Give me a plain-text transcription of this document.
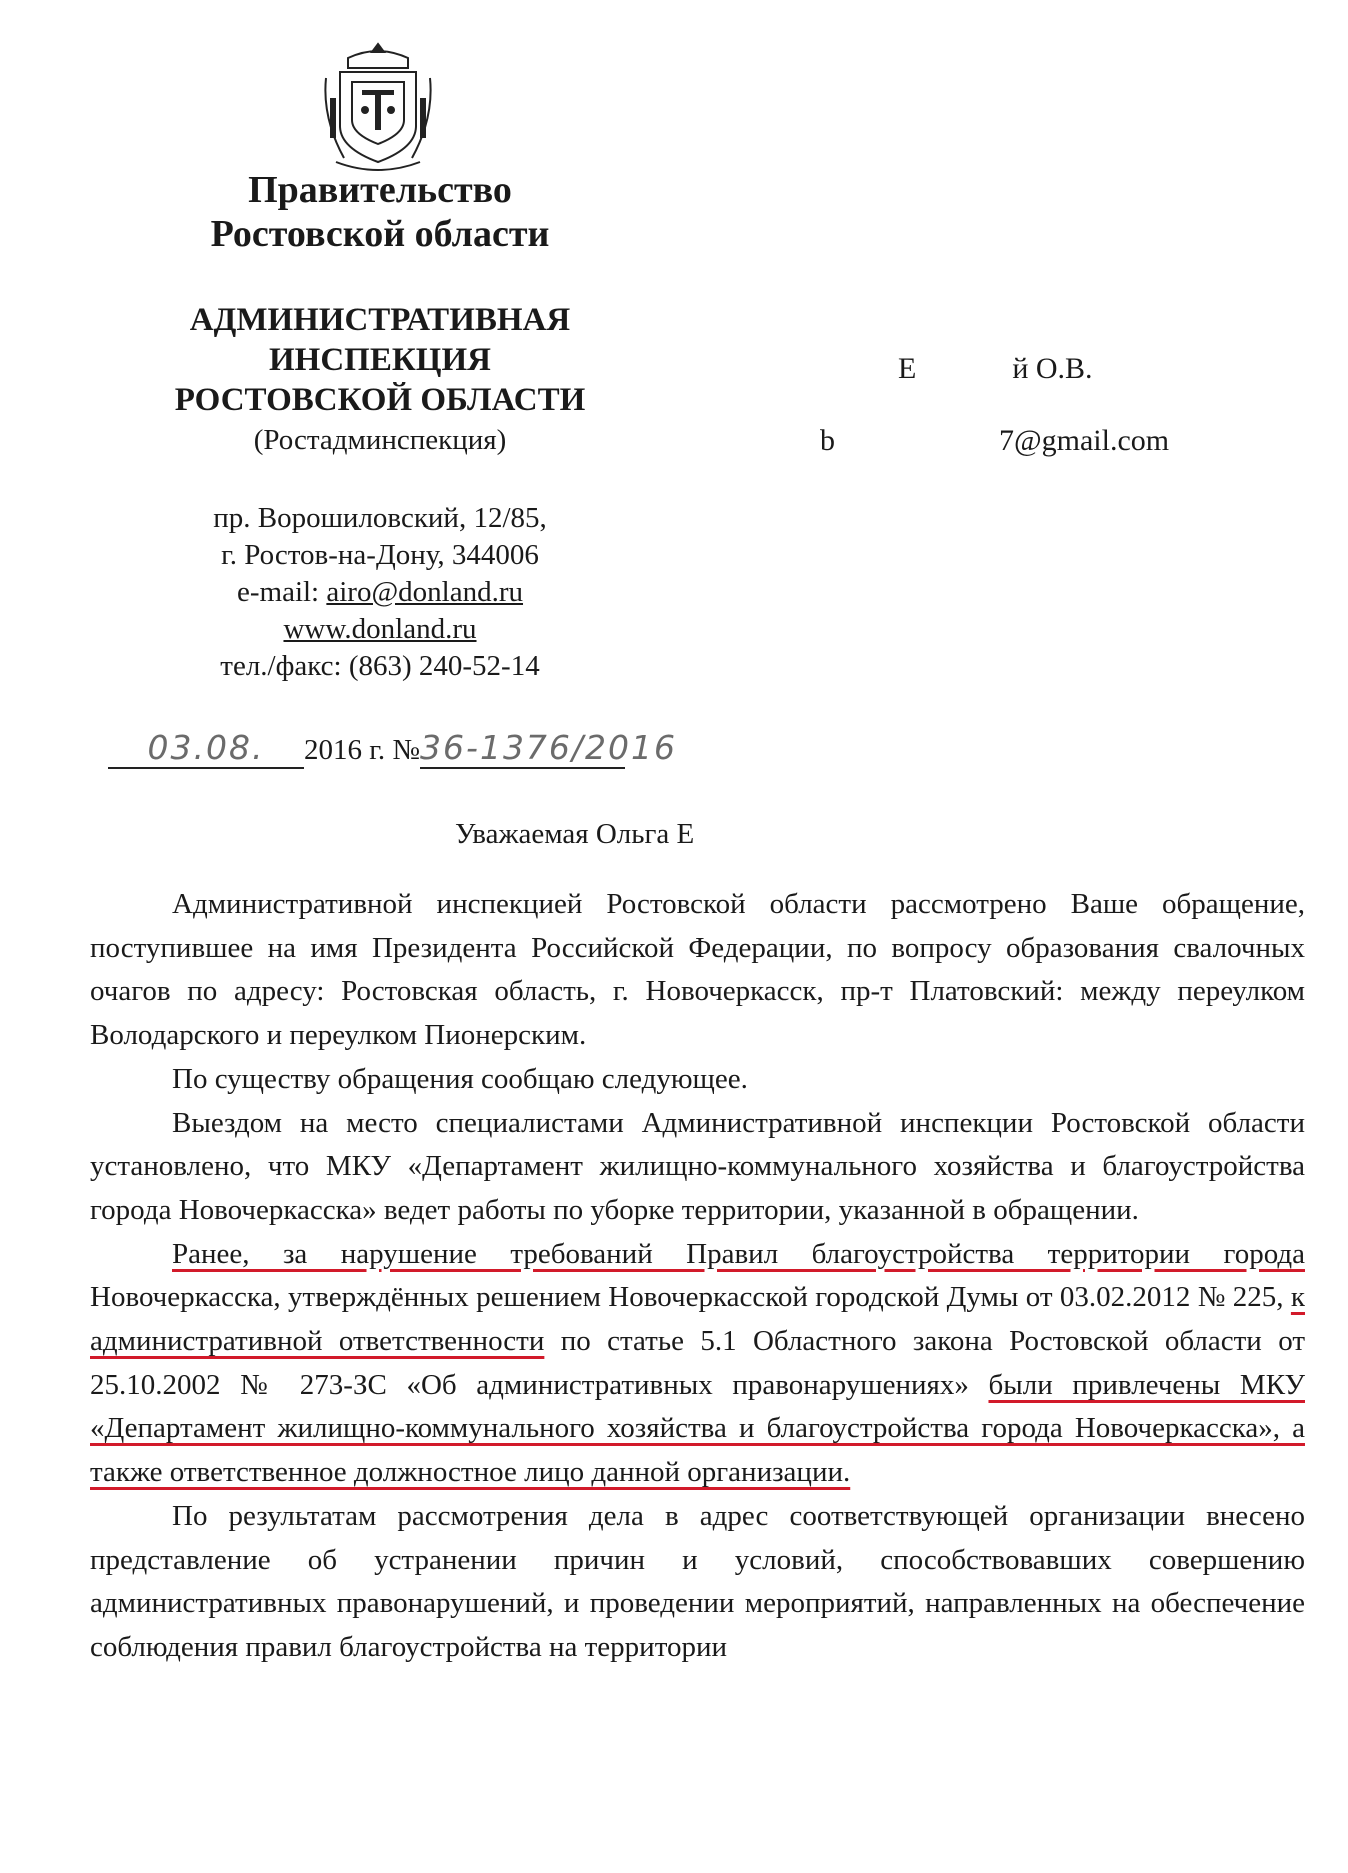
Правительство
Ростовской области
АДМИНИСТРАТИВНАЯ
ИНСПЕКЦИЯ
РОСТОВСКОЙ ОБЛАСТИ
(Ростадминспекция)
пр. Ворошиловский, 12/85,
г. Ростов-на-Дону, 344006
e-mail: airo@donland.ru
www.donland.ru
тел./факс: (863) 240-52-14
Е	й О.В.
b	7@gmail.com
03.08. 2016 г. №36-1376/2016
Уважаемая Ольга Е

Административной инспекцией Ростовской области рассмотрено Ваше обращение, поступившее на имя Президента Российской Федерации, по вопросу образования свалочных очагов по адресу: Ростовская область, г. Новочеркасск, пр-т Платовский: между переулком Володарского и переулком Пионерским.

По существу обращения сообщаю следующее.

Выездом на место специалистами Административной инспекции Ростовской области установлено, что МКУ «Департамент жилищно-коммунального хозяйства и благоустройства города Новочеркасска» ведет работы по уборке территории, указанной в обращении.

Ранее, за нарушение требований Правил благоустройства территории города Новочеркасска, утверждённых решением Новочеркасской городской Думы от 03.02.2012 № 225, к административной ответственности по статье 5.1 Областного закона Ростовской области от 25.10.2002 № 273-ЗС «Об административных правонарушениях» были привлечены МКУ «Департамент жилищно-коммунального хозяйства и благоустройства города Новочеркасска», а также ответственное должностное лицо данной организации.

По результатам рассмотрения дела в адрес соответствующей организации внесено представление об устранении причин и условий, способствовавших совершению административных правонарушений, и проведении мероприятий, направленных на обеспечение соблюдения правил благоустройства на территории
